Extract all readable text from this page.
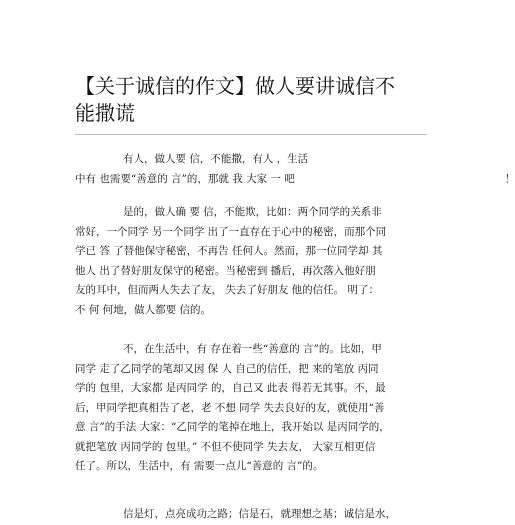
【关于诚信的作文】做人要讲诚信不
能撒谎
有人，做人要 信，不能撒，有人 ，生活
中有 也需要“善意的 言”的，那就 我 大家 一 吧	！
是的，做人确 要 信，不能欺，比如：两个同学的关系非
常好，一个同学 另一个同学 出了一直存在于心中的秘密，而那个同
学已 答 了替他保守秘密，不再告 任何人。然而，那一位同学却 其
他人 出了替好朋友保守的秘密。当秘密到 播后，再次落入他好朋
友的耳中，但而两人失去了友， 失去了好朋友 他的信任。 明了：
不 何 何地，做人都要 信的。
不，在生活中，有 存在着一些“善意的 言”的。比如，甲
同学 走了乙同学的笔却又因 保 人 自己的信任，把 来的笔放 丙同
学的 包里，大家都 是丙同学 的，自己又 此表 得若无其事。不，最
后，甲同学把真相告了老，老 不想 同学 失去良好的友，就使用“善
意 言”的手法 大家：“乙同学的笔掉在地上，我开始以 是丙同学的，
就把笔放 丙同学的 包里。” 不但不使同学 失去友， 大家互相更信
任了。所以，生活中，有 需要一点儿“善意的 言”的。
信是灯，点亮成功之路；信是石，就理想之基；诚信是水，
